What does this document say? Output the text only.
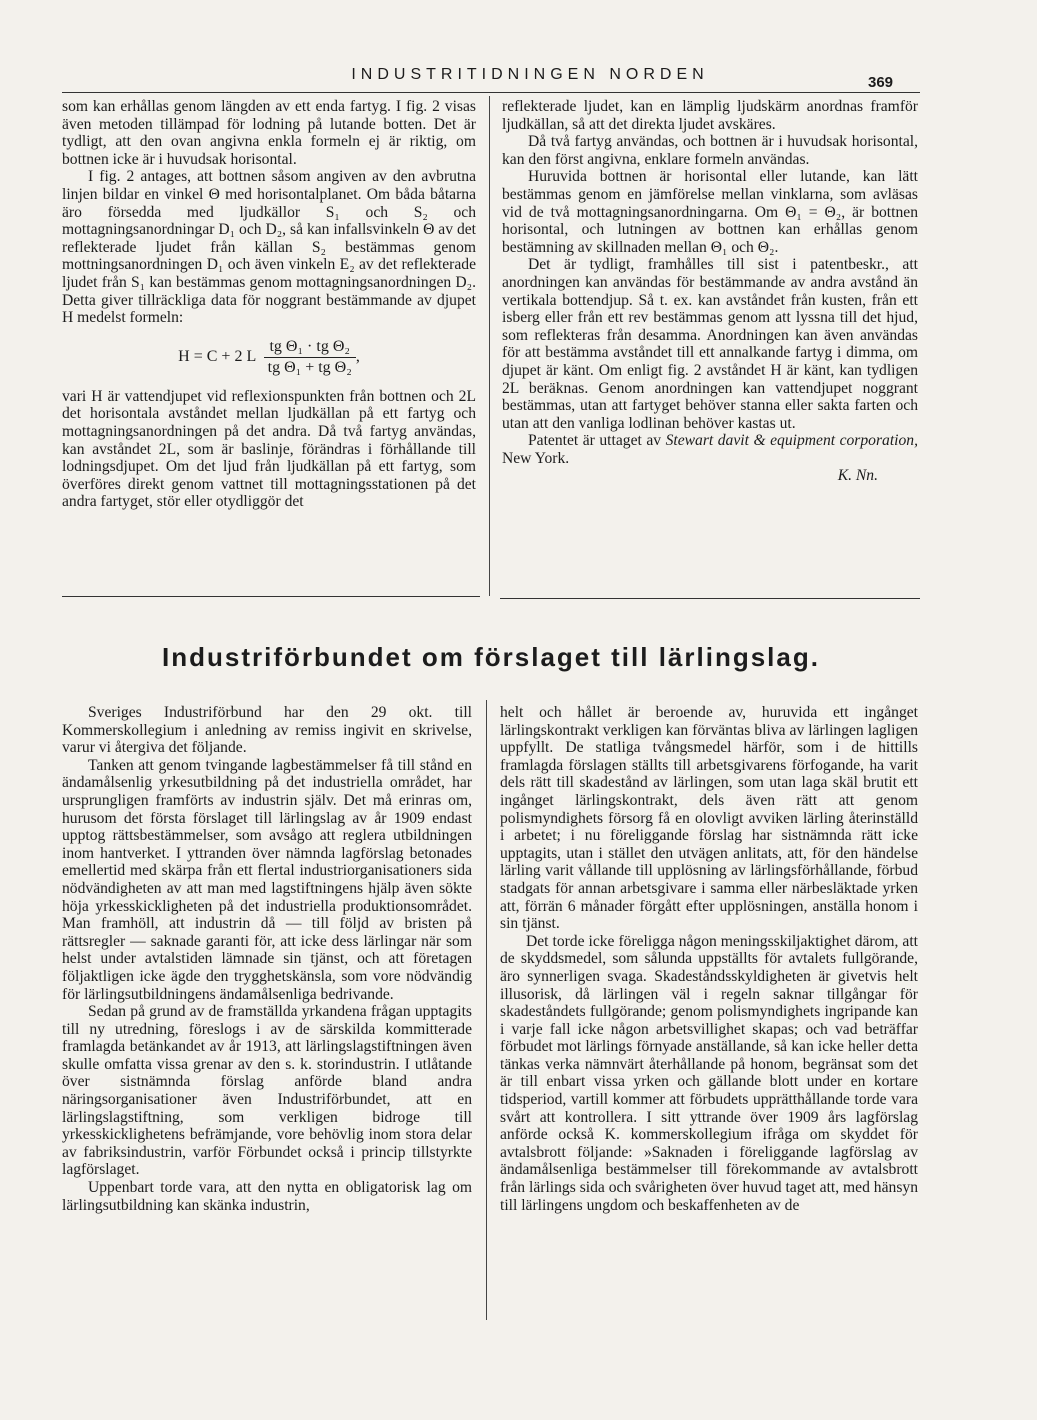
INDUSTRITIDNINGEN NORDEN	369

som kan erhållas genom längden av ett enda fartyg. I fig. 2 visas även metoden tillämpad för lodning på lutande botten. Det är tydligt, att den ovan angivna enkla formeln ej är riktig, om bottnen icke är i huvudsak horisontal.

I fig. 2 antages, att bottnen såsom angiven av den avbrutna linjen bildar en vinkel Θ med horisontalplanet. Om båda båtarna äro försedda med ljudkällor S₁ och S₂ och mottagningsanordningar D₁ och D₂, så kan infallsvinkeln Θ av det reflekterade ljudet från källan S₂ bestämmas genom mottningsanordningen D₁ och även vinkeln E₂ av det reflekterade ljudet från S₁ kan bestämmas genom mottagningsanordningen D₂. Detta giver tillräckliga data för noggrant bestämmande av djupet H medelst formeln:

H = C + 2 L $\frac{\text{tg Θ₁ · tg Θ₂}}{\text{tg Θ₁ + tg Θ₂}}$ ,

vari H är vattendjupet vid reflexionspunkten från bottnen och 2L det horisontala avståndet mellan ljudkällan på ett fartyg och mottagningsanordningen på det andra. Då två fartyg användas, kan avståndet 2L, som är baslinje, förändras i förhållande till lodningsdjupet. Om det ljud från ljudkällan på ett fartyg, som överföres direkt genom vattnet till mottagningsstationen på det andra fartyget, stör eller otydliggör det

reflekterade ljudet, kan en lämplig ljudskärm anordnas framför ljudkällan, så att det direkta ljudet avskäres.

Då två fartyg användas, och bottnen är i huvudsak horisontal, kan den först angivna, enklare formeln användas.

Huruvida bottnen är horisontal eller lutande, kan lätt bestämmas genom en jämförelse mellan vinklarna, som avläsas vid de två mottagningsanordningarna. Om Θ₁ = Θ₂, är bottnen horisontal, och lutningen av bottnen kan erhållas genom bestämning av skillnaden mellan Θ₁ och Θ₂.

Det är tydligt, framhålles till sist i patentbeskr., att anordningen kan användas för bestämmande av andra avstånd än vertikala bottendjup. Så t. ex. kan avståndet från kusten, från ett isberg eller från ett rev bestämmas genom att lyssna till det hjud, som reflekteras från desamma. Anordningen kan även användas för att bestämma avståndet till ett annalkande fartyg i dimma, om djupet är känt. Om enligt fig. 2 avståndet H är känt, kan tydligen 2L beräknas. Genom anordningen kan vattendjupet noggrant bestämmas, utan att fartyget behöver stanna eller sakta farten och utan att den vanliga lodlinan behöver kastas ut.

Patentet är uttaget av Stewart davit & equipment corporation, New York.

K. Nn.
Industriförbundet om förslaget till lärlingslag.

Sveriges Industriförbund har den 29 okt. till Kommerskollegium i anledning av remiss ingivit en skrivelse, varur vi återgiva det följande.

Tanken att genom tvingande lagbestämmelser få till stånd en ändamålsenlig yrkesutbildning på det industriella området, har ursprungligen framförts av industrin själv. Det må erinras om, hurusom det första förslaget till lärlingslag av år 1909 endast upptog rättsbestämmelser, som avsågo att reglera utbildningen inom hantverket. I yttranden över nämnda lagförslag betonades emellertid med skärpa från ett flertal industriorganisationers sida nödvändigheten av att man med lagstiftningens hjälp även sökte höja yrkesskickligheten på det industriella produktionsområdet. Man framhöll, att industrin då — till följd av bristen på rättsregler — saknade garanti för, att icke dess lärlingar när som helst under avtalstiden lämnade sin tjänst, och att företagen följaktligen icke ägde den trygghetskänsla, som vore nödvändig för lärlingsutbildningens ändamålsenliga bedrivande.

Sedan på grund av de framställda yrkandena frågan upptagits till ny utredning, föreslogs i av de särskilda kommitterade framlagda betänkandet av år 1913, att lärlingslagstiftningen även skulle omfatta vissa grenar av den s. k. storindustrin. I utlåtande över sistnämnda förslag anförde bland andra näringsorganisationer även Industriförbundet, att en lärlingslagstiftning, som verkligen bidroge till yrkesskicklighetens befrämjande, vore behövlig inom stora delar av fabriksindustrin, varför Förbundet också i princip tillstyrkte lagförslaget.

Uppenbart torde vara, att den nytta en obligatorisk lag om lärlingsutbildning kan skänka industrin,

helt och hållet är beroende av, huruvida ett ingånget lärlingskontrakt verkligen kan förväntas bliva av lärlingen lagligen uppfyllt. De statliga tvångsmedel härför, som i de hittills framlagda förslagen ställts till arbetsgivarens förfogande, ha varit dels rätt till skadestånd av lärlingen, som utan laga skäl brutit ett ingånget lärlingskontrakt, dels även rätt att genom polismyndighets försorg få en olovligt avviken lärling återinställd i arbetet; i nu föreliggande förslag har sistnämnda rätt icke upptagits, utan i stället den utvägen anlitats, att, för den händelse lärling varit vållande till upplösning av lärlingsförhållande, förbud stadgats för annan arbetsgivare i samma eller närbesläktade yrken att, förrän 6 månader förgått efter upplösningen, anställa honom i sin tjänst.

Det torde icke föreligga någon meningsskiljaktighet därom, att de skyddsmedel, som sålunda uppställts för avtalets fullgörande, äro synnerligen svaga. Skadeståndsskyldigheten är givetvis helt illusorisk, då lärlingen väl i regeln saknar tillgångar för skadeståndets fullgörande; genom polismyndighets ingripande kan i varje fall icke någon arbetsvillighet skapas; och vad beträffar förbudet mot lärlings förnyade anställande, så kan icke heller detta tänkas verka nämnvärt återhållande på honom, begränsat som det är till enbart vissa yrken och gällande blott under en kortare tidsperiod, vartill kommer att förbudets upprätthållande torde vara svårt att kontrollera. I sitt yttrande över 1909 års lagförslag anförde också K. kommerskollegium ifråga om skyddet för avtalsbrott följande: »Saknaden i föreliggande lagförslag av ändamålsenliga bestämmelser till förekommande av avtalsbrott från lärlings sida och svårigheten över huvud taget att, med hänsyn till lärlingens ungdom och beskaffenheten av de
